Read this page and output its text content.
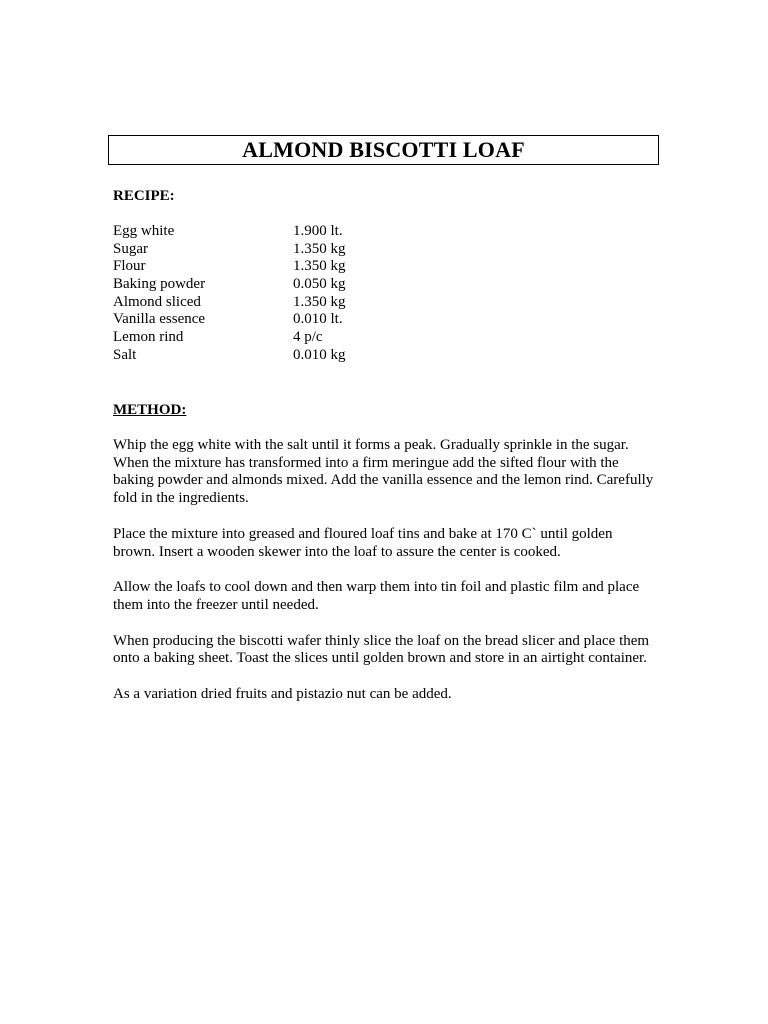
ALMOND BISCOTTI LOAF
RECIPE:
Egg white	1.900 lt.
Sugar	1.350 kg
Flour	1.350 kg
Baking powder	0.050 kg
Almond sliced	1.350 kg
Vanilla essence	0.010 lt.
Lemon rind	4 p/c
Salt	0.010 kg
METHOD:

Whip the egg white with the salt until it forms a peak. Gradually sprinkle in the sugar. When the mixture has transformed into a firm meringue add the sifted flour with the baking powder and almonds mixed. Add the vanilla essence and the lemon rind. Carefully fold in the ingredients.

Place the mixture into greased and floured loaf tins and bake at 170 C` until golden brown. Insert a wooden skewer into the loaf to assure the center is cooked.

Allow the loafs to cool down and then warp them into tin foil and plastic film and place them into the freezer until needed.

When producing the biscotti wafer thinly slice the loaf on the bread slicer and place them onto a baking sheet. Toast the slices until golden brown and store in an airtight container.

As a variation dried fruits and pistazio nut can be added.
